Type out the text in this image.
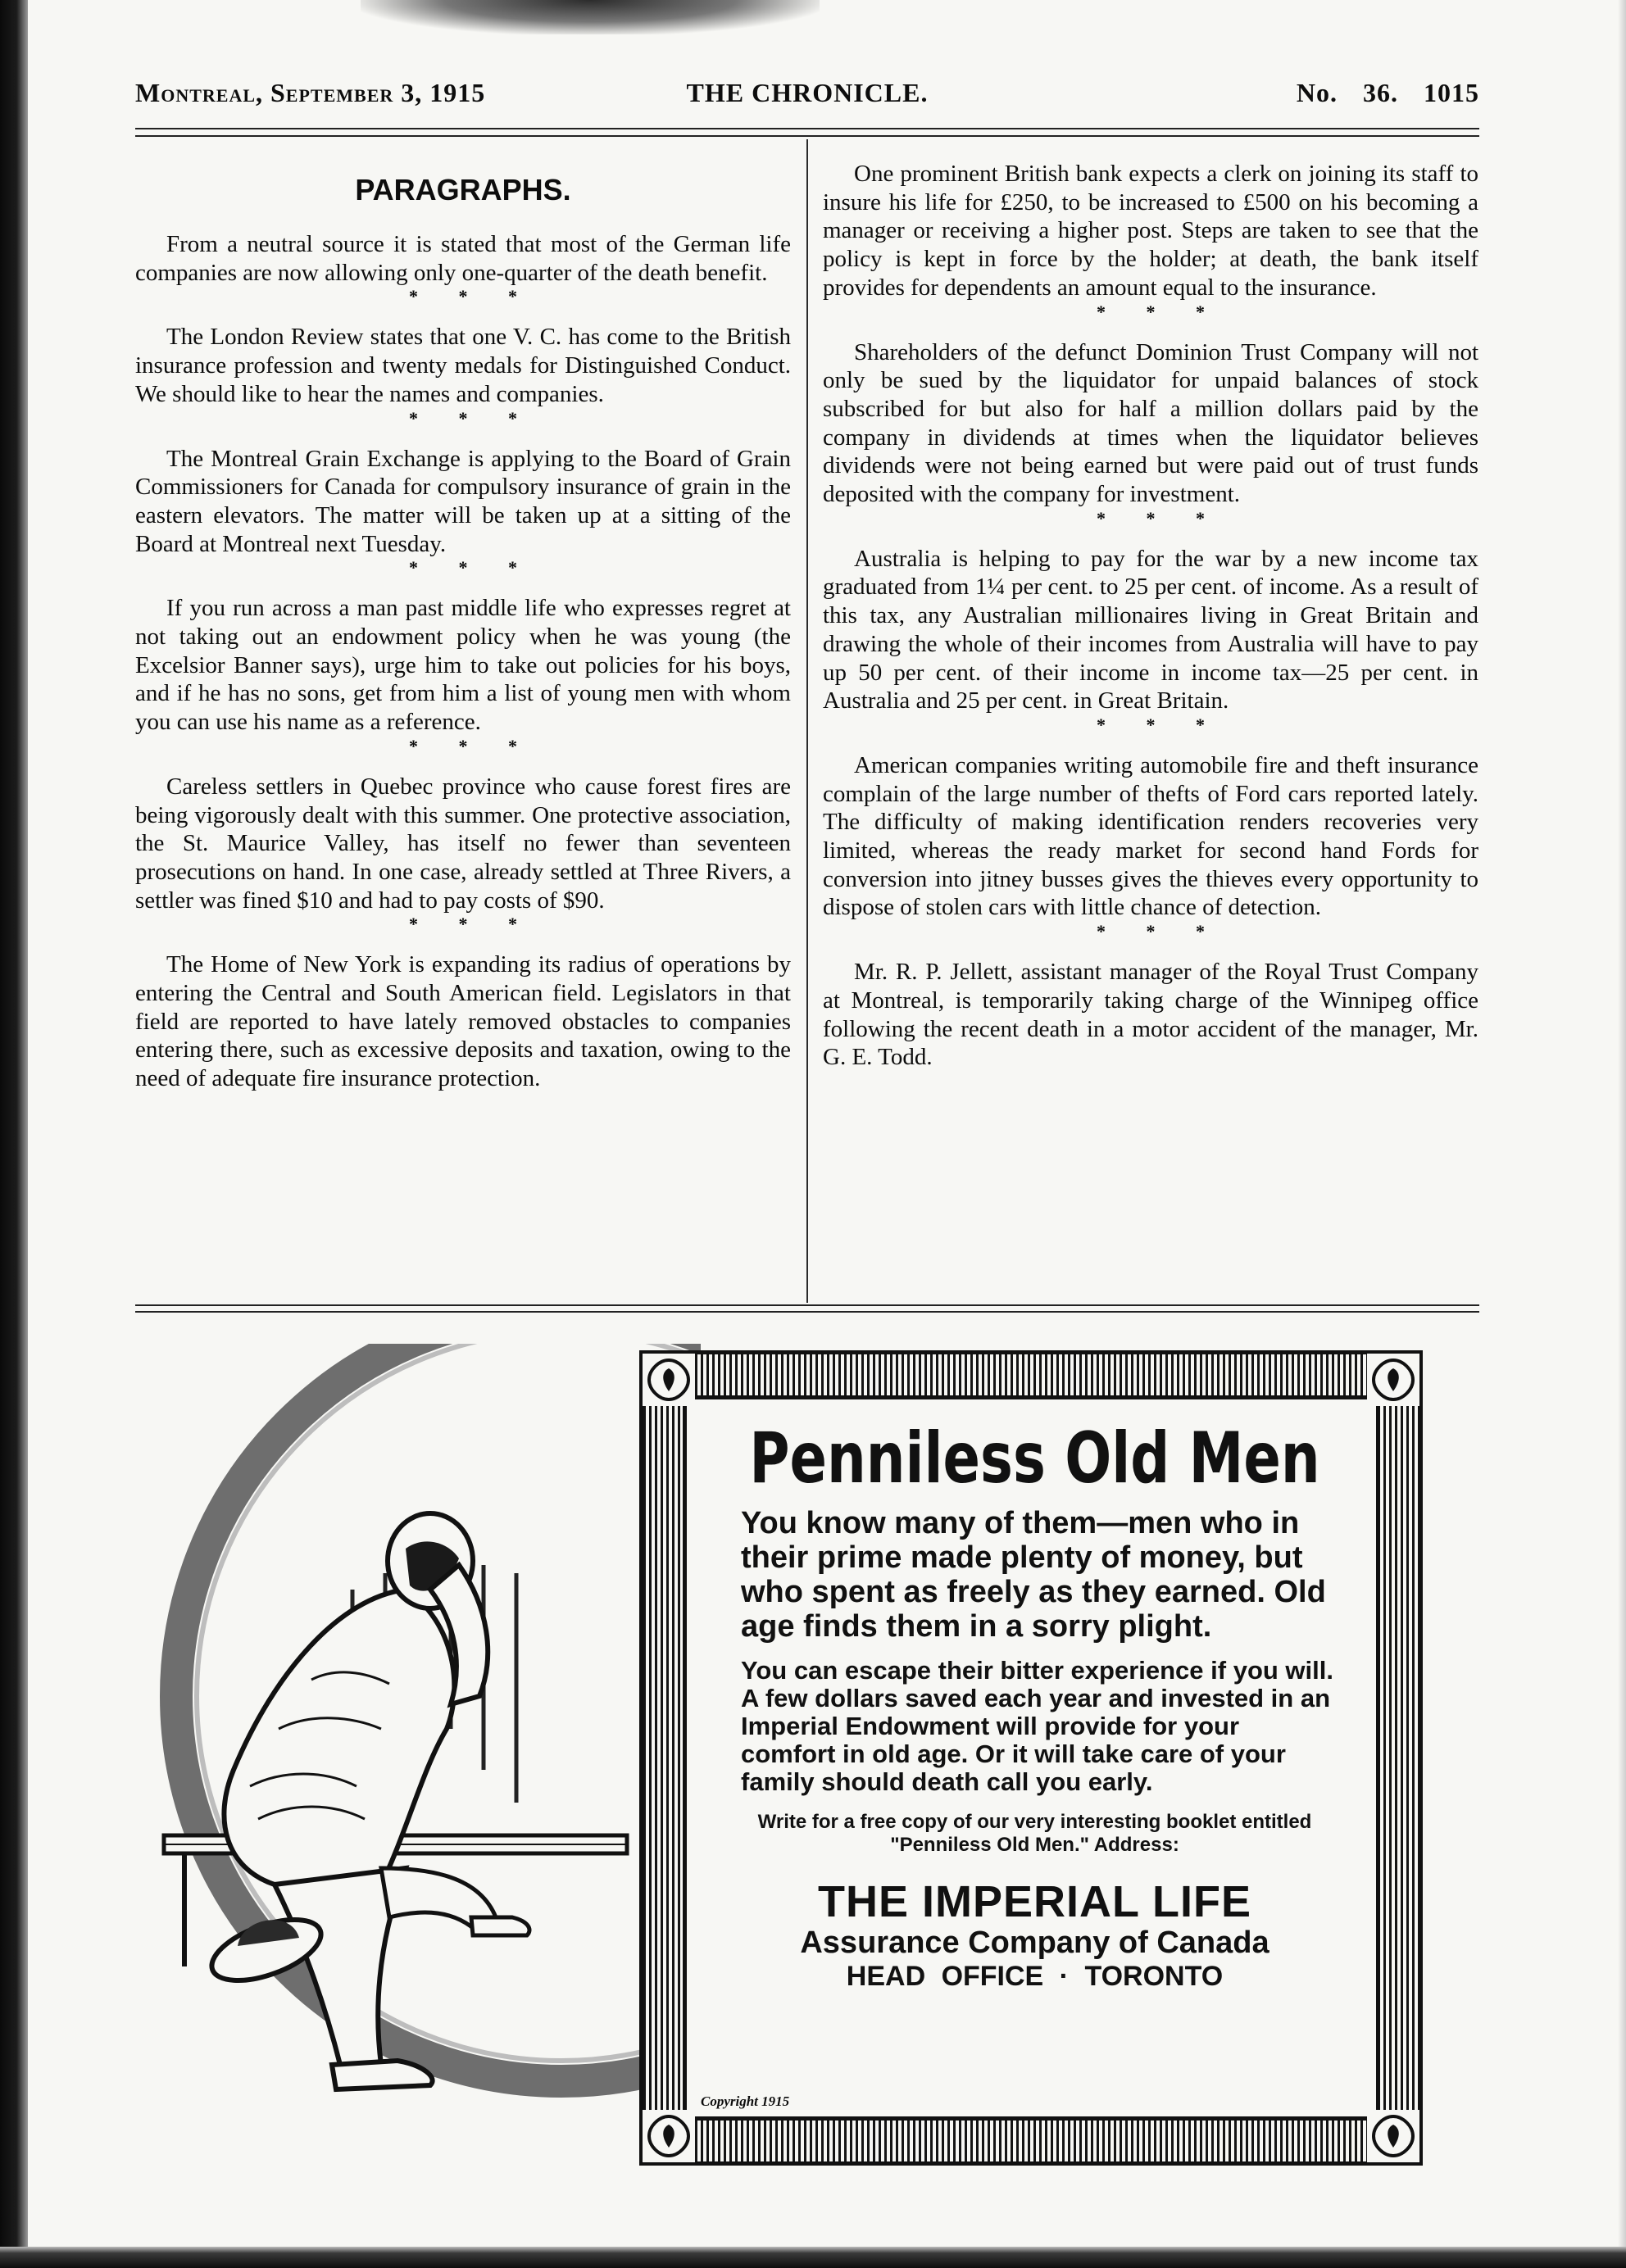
Montreal, September 3, 1915	THE CHRONICLE.	No. 36. 1015

PARAGRAPHS.

From a neutral source it is stated that most of the German life companies are now allowing only one-quarter of the death benefit.

* * *

The London Review states that one V. C. has come to the British insurance profession and twenty medals for Distinguished Conduct. We should like to hear the names and companies.

* * *

The Montreal Grain Exchange is applying to the Board of Grain Commissioners for Canada for compulsory insurance of grain in the eastern elevators. The matter will be taken up at a sitting of the Board at Montreal next Tuesday.

* * *

If you run across a man past middle life who expresses regret at not taking out an endowment policy when he was young (the Excelsior Banner says), urge him to take out policies for his boys, and if he has no sons, get from him a list of young men with whom you can use his name as a reference.

* * *

Careless settlers in Quebec province who cause forest fires are being vigorously dealt with this summer. One protective association, the St. Maurice Valley, has itself no fewer than seventeen prosecutions on hand. In one case, already settled at Three Rivers, a settler was fined $10 and had to pay costs of $90.

* * *

The Home of New York is expanding its radius of operations by entering the Central and South American field. Legislators in that field are reported to have lately removed obstacles to companies entering there, such as excessive deposits and taxation, owing to the need of adequate fire insurance protection.

One prominent British bank expects a clerk on joining its staff to insure his life for £250, to be increased to £500 on his becoming a manager or receiving a higher post. Steps are taken to see that the policy is kept in force by the holder; at death, the bank itself provides for dependents an amount equal to the insurance.

* * *

Shareholders of the defunct Dominion Trust Company will not only be sued by the liquidator for unpaid balances of stock subscribed for but also for half a million dollars paid by the company in dividends at times when the liquidator believes dividends were not being earned but were paid out of trust funds deposited with the company for investment.

* * *

Australia is helping to pay for the war by a new income tax graduated from 1¼ per cent. to 25 per cent. of income. As a result of this tax, any Australian millionaires living in Great Britain and drawing the whole of their incomes from Australia will have to pay up 50 per cent. of their income in income tax—25 per cent. in Australia and 25 per cent. in Great Britain.

* * *

American companies writing automobile fire and theft insurance complain of the large number of thefts of Ford cars reported lately. The difficulty of making identification renders recoveries very limited, whereas the ready market for second hand Fords for conversion into jitney busses gives the thieves every opportunity to dispose of stolen cars with little chance of detection.

* * *

Mr. R. P. Jellett, assistant manager of the Royal Trust Company at Montreal, is temporarily taking charge of the Winnipeg office following the recent death in a motor accident of the manager, Mr. G. E. Todd.

Penniless Old Men
You know many of them—men who in their prime made plenty of money, but who spent as freely as they earned. Old age finds them in a sorry plight.
You can escape their bitter experience if you will. A few dollars saved each year and invested in an Imperial Endowment will provide for your comfort in old age. Or it will take care of your family should death call you early.
Write for a free copy of our very interesting booklet entitled "Penniless Old Men." Address:
THE IMPERIAL LIFE
Assurance Company of Canada
HEAD OFFICE · TORONTO
Copyright 1915
